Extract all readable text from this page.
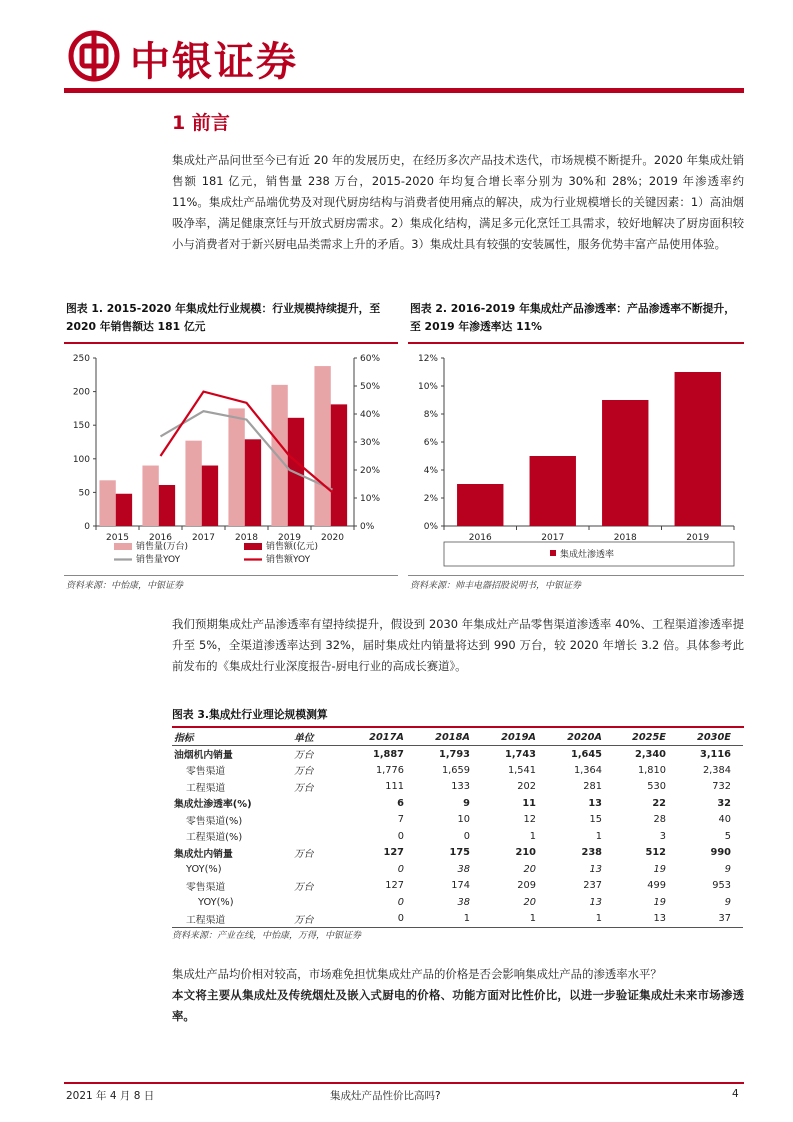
中银证券
1 前言

集成灶产品问世至今已有近 20 年的发展历史，在经历多次产品技术迭代，市场规模不断提升。2020 年集成灶销售额 181 亿元，销售量 238 万台，2015-2020 年均复合增长率分别为 30%和 28%；2019 年渗透率约 11%。集成灶产品端优势及对现代厨房结构与消费者使用痛点的解决，成为行业规模增长的关键因素：1）高油烟吸净率，满足健康烹饪与开放式厨房需求。2）集成化结构，满足多元化烹饪工具需求，较好地解决了厨房面积较小与消费者对于新兴厨电品类需求上升的矛盾。3）集成灶具有较强的安装属性，服务优势丰富产品使用体验。

图表 1. 2015-2020 年集成灶行业规模：行业规模持续提升，至 2020 年销售额达 181 亿元
0
50
100
150
200
250
0%
10%
20%
30%
40%
50%
60%
2015 2016 2017 2018 2019 2020
销售量(万台)	销售额(亿元)
销售量YOY	销售额YOY
资料来源：中怡康，中银证券
图表 2. 2016-2019 年集成灶产品渗透率：产品渗透率不断提升，至 2019 年渗透率达 11%
0%
2%
4%
6%
8%
10%
12%
2016	2017	2018	2019
集成灶渗透率
资料来源：帅丰电器招股说明书，中银证券
我们预期集成灶产品渗透率有望持续提升，假设到 2030 年集成灶产品零售渠道渗透率 40%、工程渠道渗透率提升至 5%，全渠道渗透率达到 32%，届时集成灶内销量将达到 990 万台，较 2020 年增长 3.2 倍。具体参考此前发布的《集成灶行业深度报告-厨电行业的高成长赛道》。
图表 3.集成灶行业理论规模测算
指标	单位	2017A	2018A	2019A	2020A	2025E	2030E
油烟机内销量	万台	1,887	1,793	1,743	1,645	2,340	3,116
零售渠道	万台	1,776	1,659	1,541	1,364	1,810	2,384
工程渠道	万台	111	133	202	281	530	732
集成灶渗透率(%)		6	9	11	13	22	32
零售渠道(%)		7	10	12	15	28	40
工程渠道(%)		0	0	1	1	3	5
集成灶内销量	万台	127	175	210	238	512	990
YOY(%)		0	38	20	13	19	9
零售渠道	万台	127	174	209	237	499	953
YOY(%)		0	38	20	13	19	9
工程渠道	万台	0	1	1	1	13	37
资料来源：产业在线，中怡康，万得，中银证券
集成灶产品均价相对较高，市场难免担忧集成灶产品的价格是否会影响集成灶产品的渗透率水平？
本文将主要从集成灶及传统烟灶及嵌入式厨电的价格、功能方面对比性价比，以进一步验证集成灶未来市场渗透率。
2021 年 4 月 8 日	集成灶产品性价比高吗?	4
